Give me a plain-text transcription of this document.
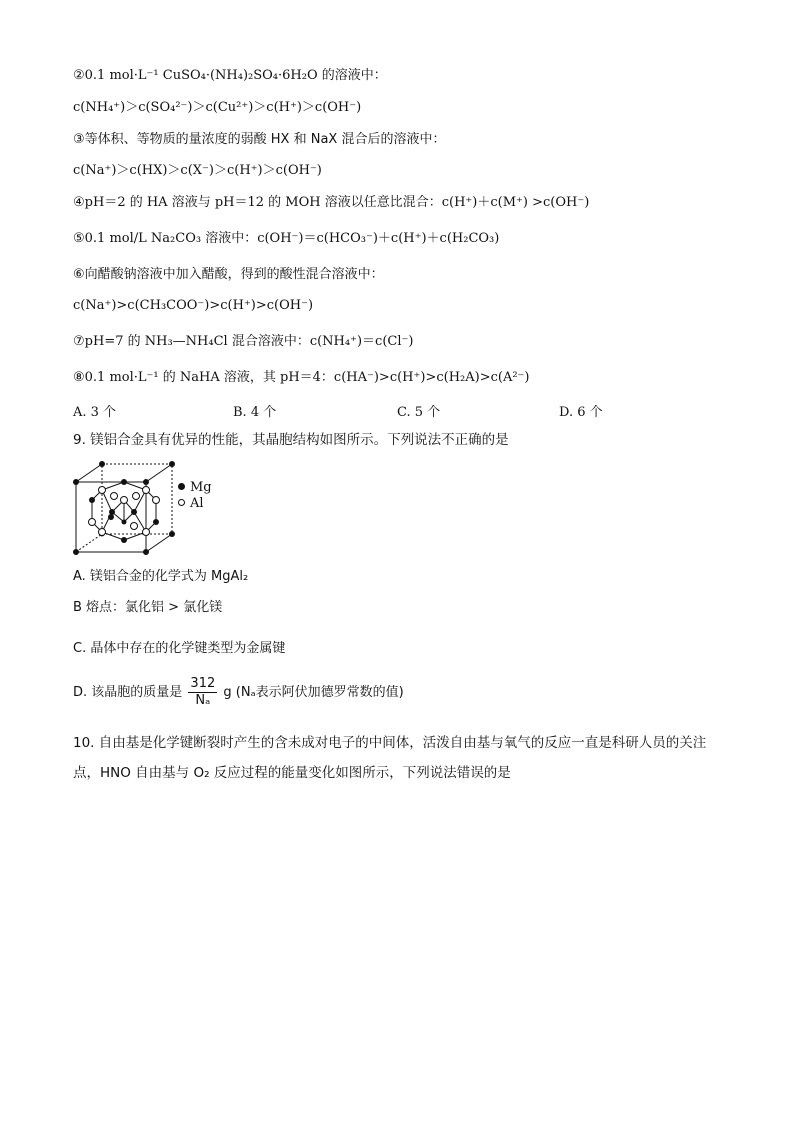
②0.1 mol·L⁻¹ CuSO₄·(NH₄)₂SO₄·6H₂O 的溶液中：
c(NH₄⁺)＞c(SO₄²⁻)＞c(Cu²⁺)＞c(H⁺)＞c(OH⁻)
③等体积、等物质的量浓度的弱酸 HX 和 NaX 混合后的溶液中：
c(Na⁺)＞c(HX)＞c(X⁻)＞c(H⁺)＞c(OH⁻)
④pH＝2 的 HA 溶液与 pH＝12 的 MOH 溶液以任意比混合：c(H⁺)＋c(M⁺) >c(OH⁻)
⑤0.1 mol/L Na₂CO₃ 溶液中：c(OH⁻)＝c(HCO₃⁻)＋c(H⁺)＋c(H₂CO₃)
⑥向醋酸钠溶液中加入醋酸，得到的酸性混合溶液中：
c(Na⁺)>c(CH₃COO⁻)>c(H⁺)>c(OH⁻)
⑦pH=7 的 NH₃—NH₄Cl 混合溶液中：c(NH₄⁺)＝c(Cl⁻)
⑧0.1 mol·L⁻¹ 的 NaHA 溶液，其 pH＝4：c(HA⁻)>c(H⁺)>c(H₂A)>c(A²⁻)
A. 3 个	B. 4 个	C. 5 个	D. 6 个
9. 镁铝合金具有优异的性能，其晶胞结构如图所示。下列说法不正确的是
Mg
Al
A. 镁铝合金的化学式为 MgAl₂
B 熔点：氯化铝 > 氯化镁
C. 晶体中存在的化学键类型为金属键
D. 该晶胞的质量是 $\frac{312}{\text{Nₐ}}$ g (Nₐ表示阿伏加德罗常数的值)
10. 自由基是化学键断裂时产生的含未成对电子的中间体，活泼自由基与氧气的反应一直是科研人员的关注
点，HNO 自由基与 O₂ 反应过程的能量变化如图所示，下列说法错误的是
